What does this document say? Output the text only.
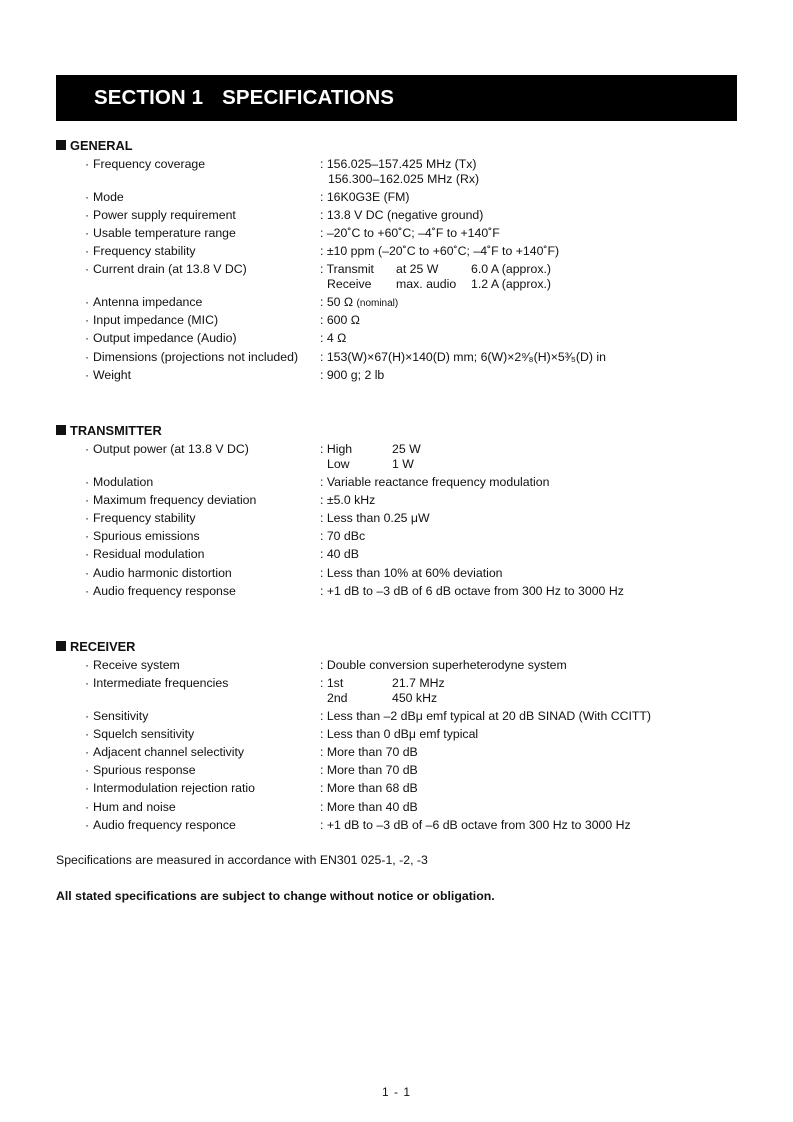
SECTION 1 SPECIFICATIONS
GENERAL
· Frequency coverage	: 156.025–157.425 MHz (Tx)
156.300–162.025 MHz (Rx)
· Mode	: 16K0G3E (FM)
· Power supply requirement	: 13.8 V DC (negative ground)
· Usable temperature range	: –20˚C to +60˚C; –4˚F to +140˚F
· Frequency stability	: ±10 ppm (–20˚C to +60˚C; –4˚F to +140˚F)
· Current drain (at 13.8 V DC)	: Transmit at 25 W	6.0 A (approx.)
Receive max. audio 1.2 A (approx.)
· Antenna impedance	: 50 Ω (nominal)
· Input impedance (MIC)	: 600 Ω
· Output impedance (Audio)	: 4 Ω
· Dimensions (projections not included) : 153(W)×67(H)×140(D) mm; 6(W)×2⁹⁄₈(H)×5³⁄₅(D) in
· Weight	: 900 g; 2 lb
TRANSMITTER
· Output power (at 13.8 V DC)	: High	25 W
Low	1 W
· Modulation	: Variable reactance frequency modulation
· Maximum frequency deviation	: ±5.0 kHz
· Frequency stability	: Less than 0.25 μW
· Spurious emissions	: 70 dBc
· Residual modulation	: 40 dB
· Audio harmonic distortion	: Less than 10% at 60% deviation
· Audio frequency response	: +1 dB to –3 dB of 6 dB octave from 300 Hz to 3000 Hz
RECEIVER
· Receive system	: Double conversion superheterodyne system
· Intermediate frequencies	: 1st	21.7 MHz
2nd	450 kHz
· Sensitivity	: Less than –2 dBμ emf typical at 20 dB SINAD (With CCITT)
· Squelch sensitivity	: Less than 0 dBμ emf typical
· Adjacent channel selectivity	: More than 70 dB
· Spurious response	: More than 70 dB
· Intermodulation rejection ratio	: More than 68 dB
· Hum and noise	: More than 40 dB
· Audio frequency responce	: +1 dB to –3 dB of –6 dB octave from 300 Hz to 3000 Hz
Specifications are measured in accordance with EN301 025-1, -2, -3
All stated specifications are subject to change without notice or obligation.
1 - 1
